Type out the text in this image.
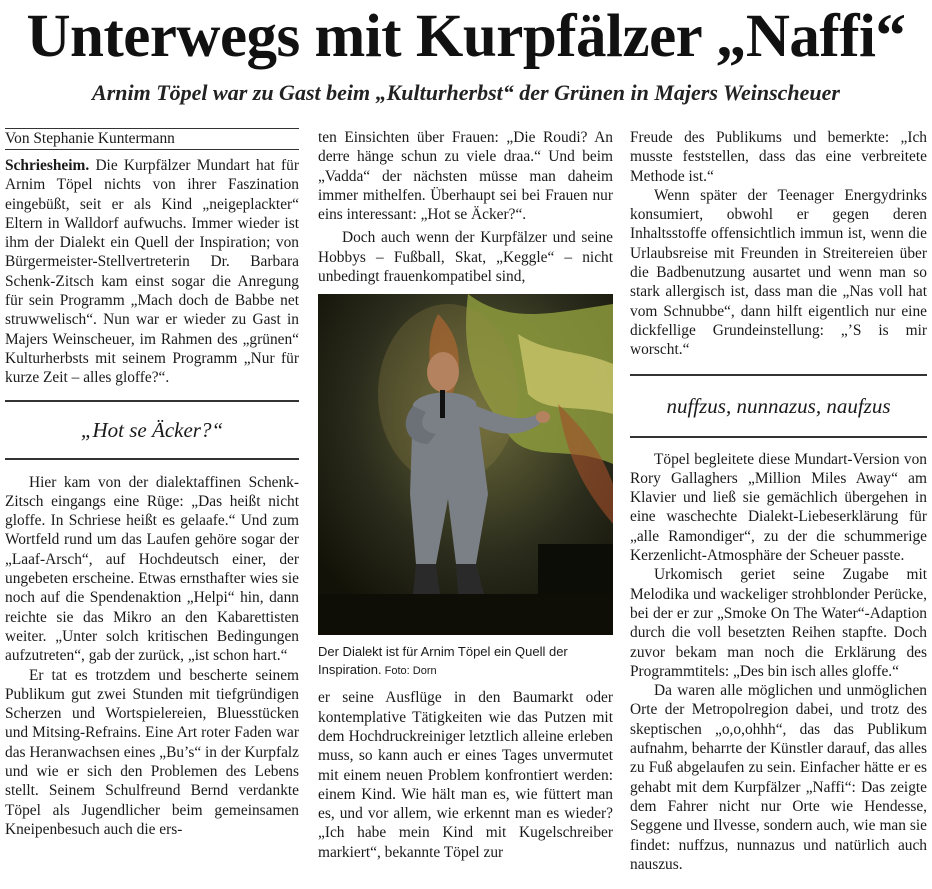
Unterwegs mit Kurpfälzer „Naffi“
Arnim Töpel war zu Gast beim „Kulturherbst“ der Grünen in Majers Weinscheuer
Von Stephanie Kuntermann

Schriesheim. Die Kurpfälzer Mundart hat für Arnim Töpel nichts von ihrer Faszination eingebüßt, seit er als Kind „neigeplackter“ Eltern in Walldorf aufwuchs. Immer wieder ist ihm der Dialekt ein Quell der Inspiration; von Bürgermeister-Stellvertreterin Dr. Barbara Schenk-Zitsch kam einst sogar die Anregung für sein Programm „Mach doch de Babbe net struwwelisch“. Nun war er wieder zu Gast in Majers Weinscheuer, im Rahmen des „grünen“ Kulturherbsts mit seinem Programm „Nur für kurze Zeit – alles gloffe?“.

„Hot se Äcker?“

Hier kam von der dialektaffinen Schenk-Zitsch eingangs eine Rüge: „Das heißt nicht gloffe. In Schriese heißt es gelaafe.“ Und zum Wortfeld rund um das Laufen gehöre sogar der „Laaf-Arsch“, auf Hochdeutsch einer, der ungebeten erscheine. Etwas ernsthafter wies sie noch auf die Spendenaktion „Helpi“ hin, dann reichte sie das Mikro an den Kabarettisten weiter. „Unter solch kritischen Bedingungen aufzutreten“, gab der zurück, „ist schon hart.“

Er tat es trotzdem und bescherte seinem Publikum gut zwei Stunden mit tiefgründigen Scherzen und Wortspielereien, Bluesstücken und Mitsing-Refrains. Eine Art roter Faden war das Heranwachsen eines „Bu’s“ in der Kurpfalz und wie er sich den Problemen des Lebens stellt. Seinem Schulfreund Bernd verdankte Töpel als Jugendlicher beim gemeinsamen Kneipenbesuch auch die ers-

ten Einsichten über Frauen: „Die Roudi? An derre hänge schun zu viele draa.“ Und beim „Vadda“ der nächsten müsse man daheim immer mithelfen. Überhaupt sei bei Frauen nur eins interessant: „Hot se Äcker?“.

Doch auch wenn der Kurpfälzer und seine Hobbys – Fußball, Skat, „Keggle“ – nicht unbedingt frauenkompatibel sind,

Der Dialekt ist für Arnim Töpel ein Quell der Inspiration. Foto: Dorn

er seine Ausflüge in den Baumarkt oder kontemplative Tätigkeiten wie das Putzen mit dem Hochdruckreiniger letztlich alleine erleben muss, so kann auch er eines Tages unvermutet mit einem neuen Problem konfrontiert werden: einem Kind. Wie hält man es, wie füttert man es, und vor allem, wie erkennt man es wieder? „Ich habe mein Kind mit Kugelschreiber markiert“, bekannte Töpel zur

Freude des Publikums und bemerkte: „Ich musste feststellen, dass das eine verbreitete Methode ist.“

Wenn später der Teenager Energydrinks konsumiert, obwohl er gegen deren Inhaltsstoffe offensichtlich immun ist, wenn die Urlaubsreise mit Freunden in Streitereien über die Badbenutzung ausartet und wenn man so stark allergisch ist, dass man die „Nas voll hat vom Schnubbe“, dann hilft eigentlich nur eine dickfellige Grundeinstellung: „’S is mir worscht.“

nuffzus, nunnazus, naufzus

Töpel begleitete diese Mundart-Version von Rory Gallaghers „Million Miles Away“ am Klavier und ließ sie gemächlich übergehen in eine waschechte Dialekt-Liebeserklärung für „alle Ramondiger“, zu der die schummerige Kerzenlicht-Atmosphäre der Scheuer passte.

Urkomisch geriet seine Zugabe mit Melodika und wackeliger strohblonder Perücke, bei der er zur „Smoke On The Water“-Adaption durch die voll besetzten Reihen stapfte. Doch zuvor bekam man noch die Erklärung des Programmtitels: „Des bin isch alles gloffe.“

Da waren alle möglichen und unmöglichen Orte der Metropolregion dabei, und trotz des skeptischen „o,o,ohhh“, das das Publikum aufnahm, beharrte der Künstler darauf, das alles zu Fuß abgelaufen zu sein. Einfacher hätte er es gehabt mit dem Kurpfälzer „Naffi“: Das zeigte dem Fahrer nicht nur Orte wie Hendesse, Seggene und Ilvesse, sondern auch, wie man sie findet: nuffzus, nunnazus und natürlich auch nauszus.
